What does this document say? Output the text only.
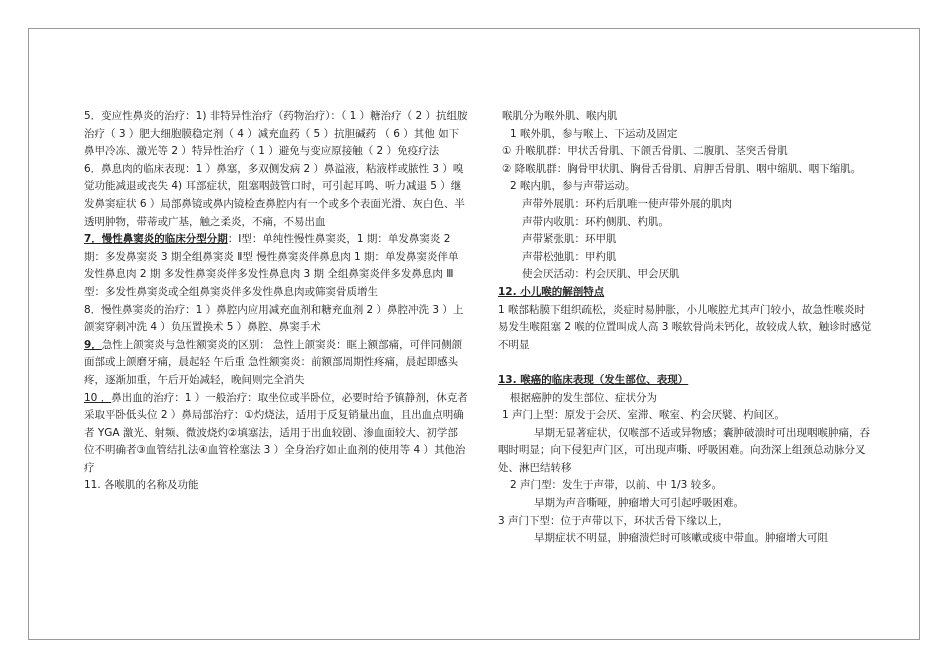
5．变应性鼻炎的治疗：1) 非特异性治疗（药物治疗）：（ 1 ）糖治疗（ 2 ）抗组胺治疗（ 3 ）肥大细胞膜稳定剂（ 4 ）减充血药（ 5 ）抗胆碱药 （ 6 ）其他 如下鼻甲冷冻、激光等 2 ）特异性治疗（ 1 ）避免与变应原接触（ 2 ）免疫疗法

6．鼻息肉的临床表现：1 ）鼻塞，多双侧发病 2 ）鼻溢液，粘液样或脓性 3 ）嗅觉功能减退或丧失 4) 耳部症状，阻塞咽鼓管口时，可引起耳鸣、听力减退 5 ）继发鼻窦症状 6 ）局部鼻镜或鼻内镜检查鼻腔内有一个或多个表面光滑、灰白色、半透明肿物，带蒂或广基，触之柔炎，不痛，不易出血

7．慢性鼻窦炎的临床分型分期：Ⅰ型：单纯性慢性鼻窦炎，1 期：单发鼻窦炎 2 期：多发鼻窦炎 3 期全组鼻窦炎 Ⅱ型 慢性鼻窦炎伴鼻息肉 1 期：单发鼻窦炎伴单发性鼻息肉 2 期 多发性鼻窦炎伴多发性鼻息肉 3 期 全组鼻窦炎伴多发鼻息肉 Ⅲ型：多发性鼻窦炎或全组鼻窦炎伴多发性鼻息肉或筛窦骨质增生

8．慢性鼻窦炎的治疗：1 ）鼻腔内应用减充血剂和糖充血剂 2 ）鼻腔冲洗 3 ）上颌窦穿刺冲洗 4 ）负压置换术 5 ）鼻腔、鼻窦手术

9．急性上颌窦炎与急性额窦炎的区别： 急性上颌窦炎：眶上额部痛，可伴同侧颌面部或上颌磨牙痛，晨起轻 午后重 急性额窦炎：前额部周期性疼痛，晨起即感头疼，逐渐加重，午后开始减轻，晚间则完全消失

10 ．鼻出血的治疗：1 ）一般治疗：取坐位或半卧位，必要时给予镇静剂，休克者采取平卧低头位 2 ）鼻局部治疗：①灼烧法，适用于反复销量出血，且出血点明确者 YGA 激光、射频、微波烧灼②填塞法，适用于出血较剧、渗血面较大、初学部位不明确者③血管结扎法④血管栓塞法 3 ）全身治疗如止血剂的使用等 4 ）其他治疗

11. 各喉肌的名称及功能

喉肌分为喉外肌、喉内肌

1 喉外肌，参与喉上、下运动及固定

① 升喉肌群：甲状舌骨肌、下颌舌骨肌、二腹肌、茎突舌骨肌

② 降喉肌群：胸骨甲状肌、胸骨舌骨肌、肩胛舌骨肌、咽中缩肌、咽下缩肌。

2 喉内肌，参与声带运动。

声带外展肌：环杓后肌唯一使声带外展的肌肉

声带内收肌：环杓侧肌、杓肌。

声带紧张肌：环甲肌

声带松弛肌：甲杓肌

使会厌活动：杓会厌肌、甲会厌肌

12. 小儿喉的解剖特点

1 喉部粘膜下组织疏松，炎症时易肿胀，小儿喉腔尤其声门较小，故急性喉炎时易发生喉阻塞 2 喉的位置叫成人高 3 喉软骨尚未钙化，故较成人软，触诊时感觉不明显

13. 喉癌的临床表现（发生部位、表现）

根据癌肿的发生部位、症状分为

1 声门上型：原发于会厌、室滞、喉室、杓会厌襞、杓间区。

早期无显著症状，仅喉部不适或异物感；囊肿破溃时可出现咽喉肿痛，吞咽时明显；向下侵犯声门区，可出现声嘶、呼吸困难。向劲深上组颈总动脉分叉处、淋巴结转移

2 声门型：发生于声带，以前、中 1/3 较多。

早期为声音嘶哑，肿瘤增大可引起呼吸困难。

3 声门下型：位于声带以下，环状舌骨下缘以上，

早期症状不明显，肿瘤溃烂时可咳嗽或痰中带血。肿瘤增大可阻
